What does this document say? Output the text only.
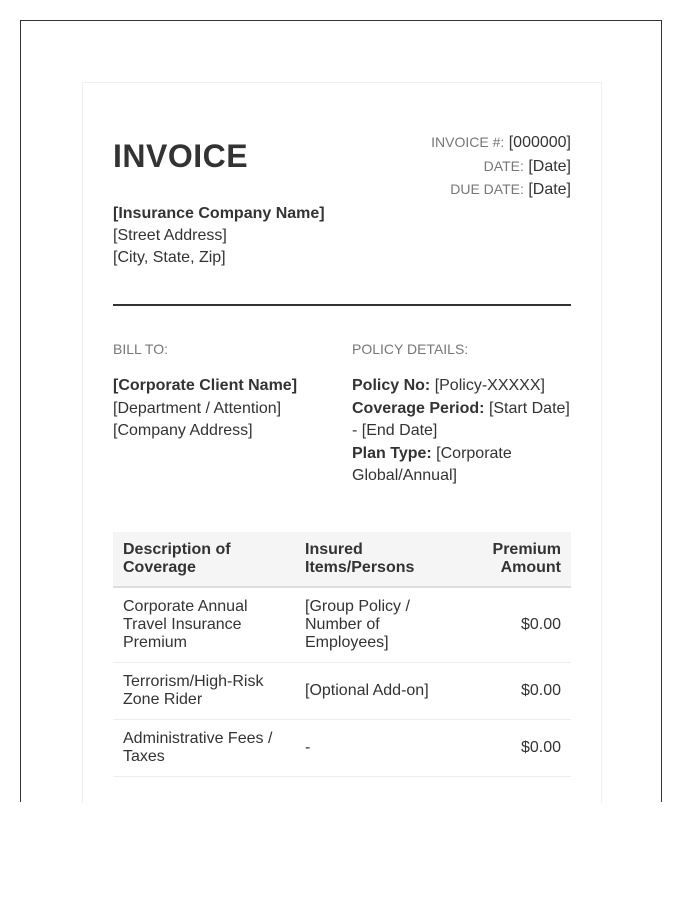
INVOICE	INVOICE #: [000000]
DATE: [Date]
DUE DATE: [Date]
[Insurance Company Name]
[Street Address]
[City, State, Zip]
BILL TO:	POLICY DETAILS:
[Corporate Client Name]
[Department / Attention]
[Company Address]
Policy No: [Policy-XXXXX]
Coverage Period: [Start Date] - [End Date]
Plan Type: [Corporate Global/Annual]
Description of Coverage	Insured Items/Persons	Premium Amount
Corporate Annual Travel Insurance Premium	[Group Policy / Number of Employees]	$0.00
Terrorism/High-Risk Zone Rider	[Optional Add-on]	$0.00
Administrative Fees / Taxes	-	$0.00
